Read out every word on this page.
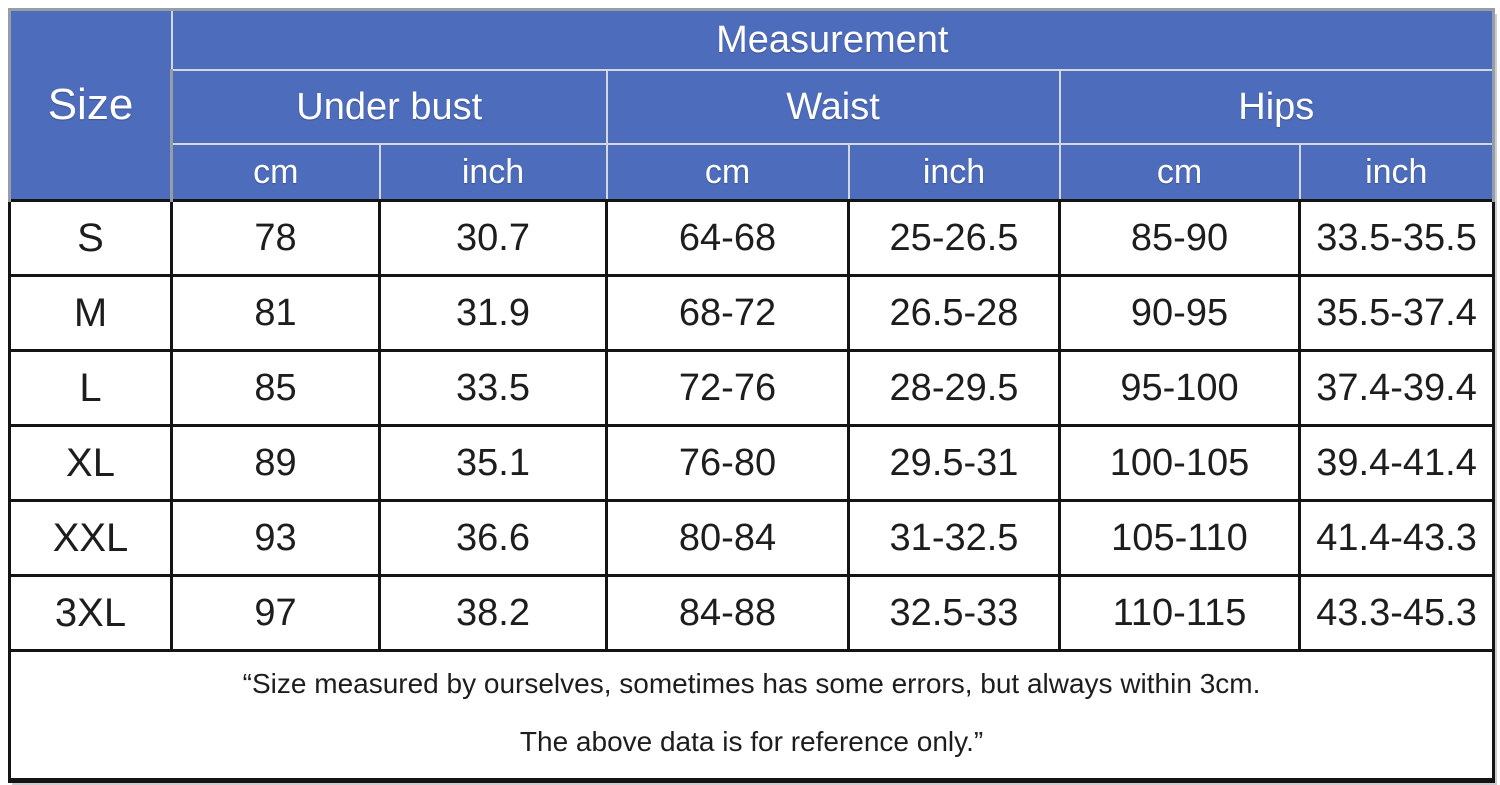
Size	Measurement					
	Under bust		Waist		Hips	
	cm	inch	cm	inch	cm	inch
S	78	30.7	64-68	25-26.5	85-90	33.5-35.5
M	81	31.9	68-72	26.5-28	90-95	35.5-37.4
L	85	33.5	72-76	28-29.5	95-100	37.4-39.4
XL	89	35.1	76-80	29.5-31	100-105	39.4-41.4
XXL	93	36.6	80-84	31-32.5	105-110	41.4-43.3
3XL	97	38.2	84-88	32.5-33	110-115	43.3-45.3

“Size measured by ourselves, sometimes has some errors, but always within 3cm.
The above data is for reference only.”						
